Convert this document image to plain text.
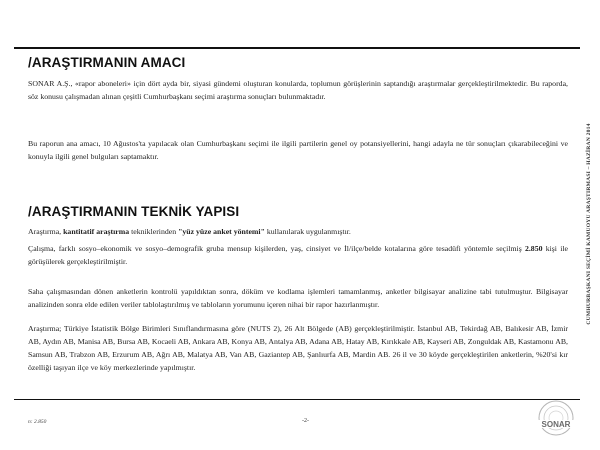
/ARAŞTIRMANIN AMACI
SONAR A.Ş., «rapor aboneleri» için dört ayda bir, siyasi gündemi oluşturan konularda, toplumun görüşlerinin saptandığı araştırmalar gerçekleştirilmektedir. Bu raporda, söz konusu çalışmadan alınan çeşitli Cumhurbaşkanı seçimi araştırma sonuçları bulunmaktadır.
Bu raporun ana amacı, 10 Ağustos'ta yapılacak olan Cumhurbaşkanı seçimi ile ilgili partilerin genel oy potansiyellerini, hangi adayla ne tür sonuçları çıkarabileceğini ve konuyla ilgili genel bulguları saptamaktır.
/ARAŞTIRMANIN TEKNİK YAPISI
Araştırma, kantitatif araştırma tekniklerinden "yüz yüze anket yöntemi" kullanılarak uygulanmıştır.
Çalışma, farklı sosyo–ekonomik ve sosyo–demografik gruba mensup kişilerden, yaş, cinsiyet ve İl/ilçe/belde kotalarına göre tesadüfi yöntemle seçilmiş 2.850 kişi ile görüşülerek gerçekleştirilmiştir.
Saha çalışmasından dönen anketlerin kontrolü yapıldıktan sonra, döküm ve kodlama işlemleri tamamlanmış, anketler bilgisayar analizine tabi tutulmuştur. Bilgisayar analizinden sonra elde edilen veriler tablolaştırılmış ve tabloların yorumunu içeren nihai bir rapor hazırlanmıştır.
Araştırma; Türkiye İstatistik Bölge Birimleri Sınıflandırmasına göre (NUTS 2), 26 Alt Bölgede (AB) gerçekleştirilmiştir. İstanbul AB, Tekirdağ AB, Balıkesir AB, İzmir AB, Aydın AB, Manisa AB, Bursa AB, Kocaeli AB, Ankara AB, Konya AB, Antalya AB, Adana AB, Hatay AB, Kırıkkale AB, Kayseri AB, Zonguldak AB, Kastamonu AB, Samsun AB, Trabzon AB, Erzurum AB, Ağrı AB, Malatya AB, Van AB, Gaziantep AB, Şanlıurfa AB, Mardin AB. 26 il ve 30 köyde gerçekleştirilen anketlerin, %20'si kır özelliği taşıyan ilçe ve köy merkezlerinde yapılmıştır.
CUMHURBAŞKANI SEÇİMİ KAMUOYU ARAŞTIRMASI – HAZİRAN 2014
n: 2.850	-2-	SONAR
